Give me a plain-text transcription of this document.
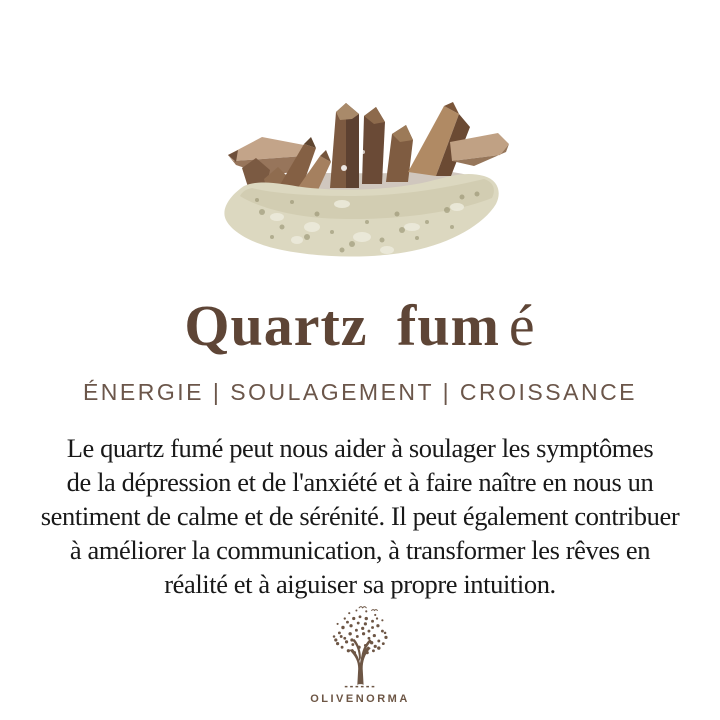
Quartz fum é
ÉNERGIE | SOULAGEMENT | CROISSANCE
Le quartz fumé peut nous aider à soulager les symptômes
de la dépression et de l'anxiété et à faire naître en nous un
sentiment de calme et de sérénité. Il peut également contribuer
à améliorer la communication, à transformer les rêves en
réalité et à aiguiser sa propre intuition.
OLIVENORMA
